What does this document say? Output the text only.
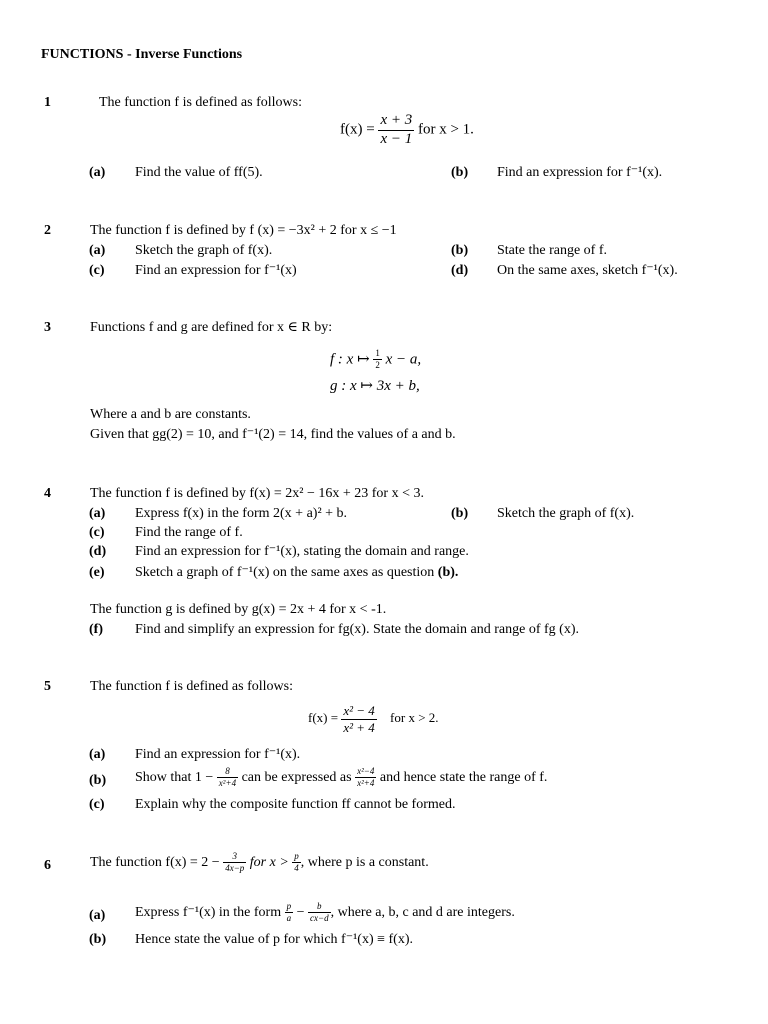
FUNCTIONS - Inverse Functions
1	The function f is defined as follows:
$f(x) = \frac{x + 3}{x - 1}$ for x > 1.
(a) Find the value of ff(5).	(b) Find an expression for f⁻¹(x).
2	The function f is defined by f (x) = −3x² + 2 for x ≤ −1
(a) Sketch the graph of f(x).	(b) State the range of f.
(c) Find an expression for f⁻¹(x)	(d) On the same axes, sketch f⁻¹(x).
3	Functions f and g are defined for x ∈ R by:
f : x ↦ $\frac{1}{2}$ x − a,
g : x ↦ 3x + b,
Where a and b are constants.
Given that gg(2) = 10, and f⁻¹(2) = 14, find the values of a and b.
4	The function f is defined by f(x) = 2x² − 16x + 23 for x < 3.
(a) Express f(x) in the form 2(x + a)² + b.	(b) Sketch the graph of f(x).
(c) Find the range of f.
(d) Find an expression for f⁻¹(x), stating the domain and range.
(e) Sketch a graph of f⁻¹(x) on the same axes as question (b).
The function g is defined by g(x) = 2x + 4 for x < -1.
(f) Find and simplify an expression for fg(x). State the domain and range of fg (x).
5	The function f is defined as follows:
$f(x) = \frac{\text{x² − 4}}{\text{x² + 4}}$ for x > 2.
(a) Find an expression for f⁻¹(x).
(b) Show that $1 - \frac{8}{\text{x²+4}}$ can be expressed as $\frac{\text{x²−4}}{\text{x²+4}}$ and hence state the range of f.
(c) Explain why the composite function ff cannot be formed.
6	The function $f(x) = 2 - \frac{3}{4x-p}$ for $x > \frac{p}{4}$ , where p is a constant.
(a) Express f⁻¹(x) in the form $\frac{p}{a} - \frac{b}{cx-d}$ , where a, b, c and d are integers.
(b) Hence state the value of p for which f⁻¹(x) ≡ f(x).
